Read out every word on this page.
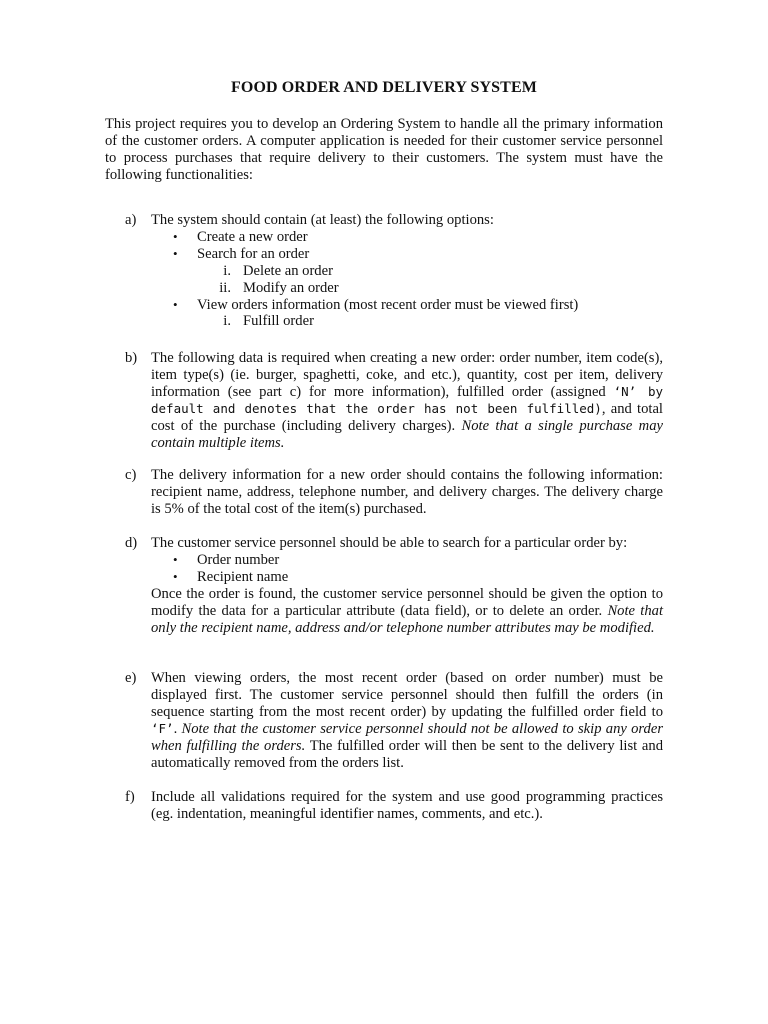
FOOD ORDER AND DELIVERY SYSTEM
This project requires you to develop an Ordering System to handle all the primary information of the customer orders. A computer application is needed for their customer service personnel to process purchases that require delivery to their customers. The system must have the following functionalities:
a)	The system should contain (at least) the following options:
• Create a new order
• Search for an order
i. Delete an order
ii. Modify an order
• View orders information (most recent order must be viewed first)
i. Fulfill order
b) The following data is required when creating a new order: order number, item code(s), item type(s) (ie. burger, spaghetti, coke, and etc.), quantity, cost per item, delivery information (see part c) for more information), fulfilled order (assigned ‘N’ by default and denotes that the order has not been fulfilled), and total cost of the purchase (including delivery charges). Note that a single purchase may contain multiple items.
c)	The delivery information for a new order should contains the following information: recipient name, address, telephone number, and delivery charges. The delivery charge is 5% of the total cost of the item(s) purchased.
d) The customer service personnel should be able to search for a particular order by:
• Order number
• Recipient name
Once the order is found, the customer service personnel should be given the option to modify the data for a particular attribute (data field), or to delete an order. Note that only the recipient name, address and/or telephone number attributes may be modified.
e)	When viewing orders, the most recent order (based on order number) must be displayed first. The customer service personnel should then fulfill the orders (in sequence starting from the most recent order) by updating the fulfilled order field to ‘F’. Note that the customer service personnel should not be allowed to skip any order when fulfilling the orders. The fulfilled order will then be sent to the delivery list and automatically removed from the orders list.
f)	Include all validations required for the system and use good programming practices (eg. indentation, meaningful identifier names, comments, and etc.).
